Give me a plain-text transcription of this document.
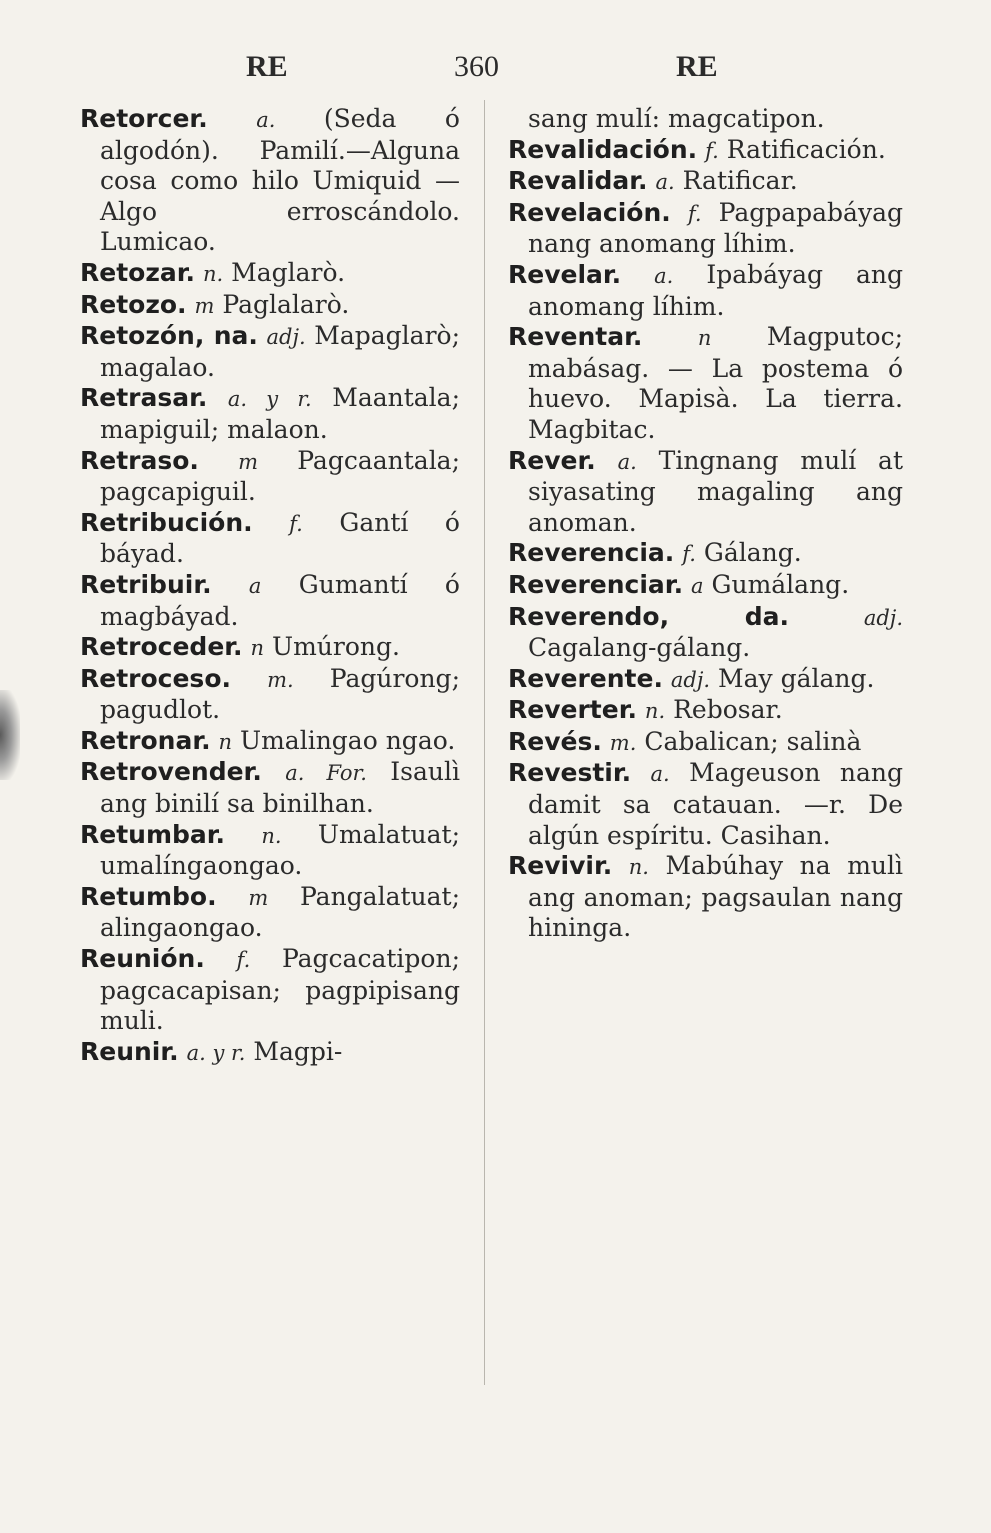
RE	360	RE
Retorcer. a. (Seda ó algodón). Pamilí.—Alguna cosa como hilo Umiquid —Algo erroscándolo. Lumicao.
Retozar. n. Maglarò.
Retozo. m Paglalarò.
Retozón, na. adj. Mapaglarò; magalao.
Retrasar. a. y r. Maantala; mapiguil; malaon.
Retraso. m Pagcaantala; pagcapiguil.
Retribución. f. Gantí ó báyad.
Retribuir. a Gumantí ó magbáyad.
Retroceder. n Umúrong.
Retroceso. m. Pagúrong; pagudlot.
Retronar. n Umalingao ngao.
Retrovender. a. For. Isaulì ang binilí sa binilhan.
Retumbar. n. Umalatuat; umalíngaongao.
Retumbo. m Pangalatuat; alingaongao.
Reunión. f. Pagcacatipon; pagcacapisan; pagpipisang muli.
Reunir. a. y r. Magpi-
sang mulí: magcatipon.
Revalidación. f. Ratificación.
Revalidar. a. Ratificar.
Revelación. f. Pagpapabáyag nang anomang líhim.
Revelar. a. Ipabáyag ang anomang líhim.
Reventar.	n Magputoc; mabásag. — La postema ó huevo. Mapisà. La tierra. Magbitac.
Rever. a. Tingnang mulí at siyasating magaling ang anoman.
Reverencia. f. Gálang.
Reverenciar. a Gumálang.
Reverendo, da.	adj. Cagalang-gálang.
Reverente. adj. May gálang.
Reverter. n. Rebosar.
Revés. m. Cabalican; salinà
Revestir. a. Mageuson nang damit sa catauan. —r. De algún espíritu. Casihan.
Revivir. n. Mabúhay na mulì ang anoman; pagsaulan nang hininga.
